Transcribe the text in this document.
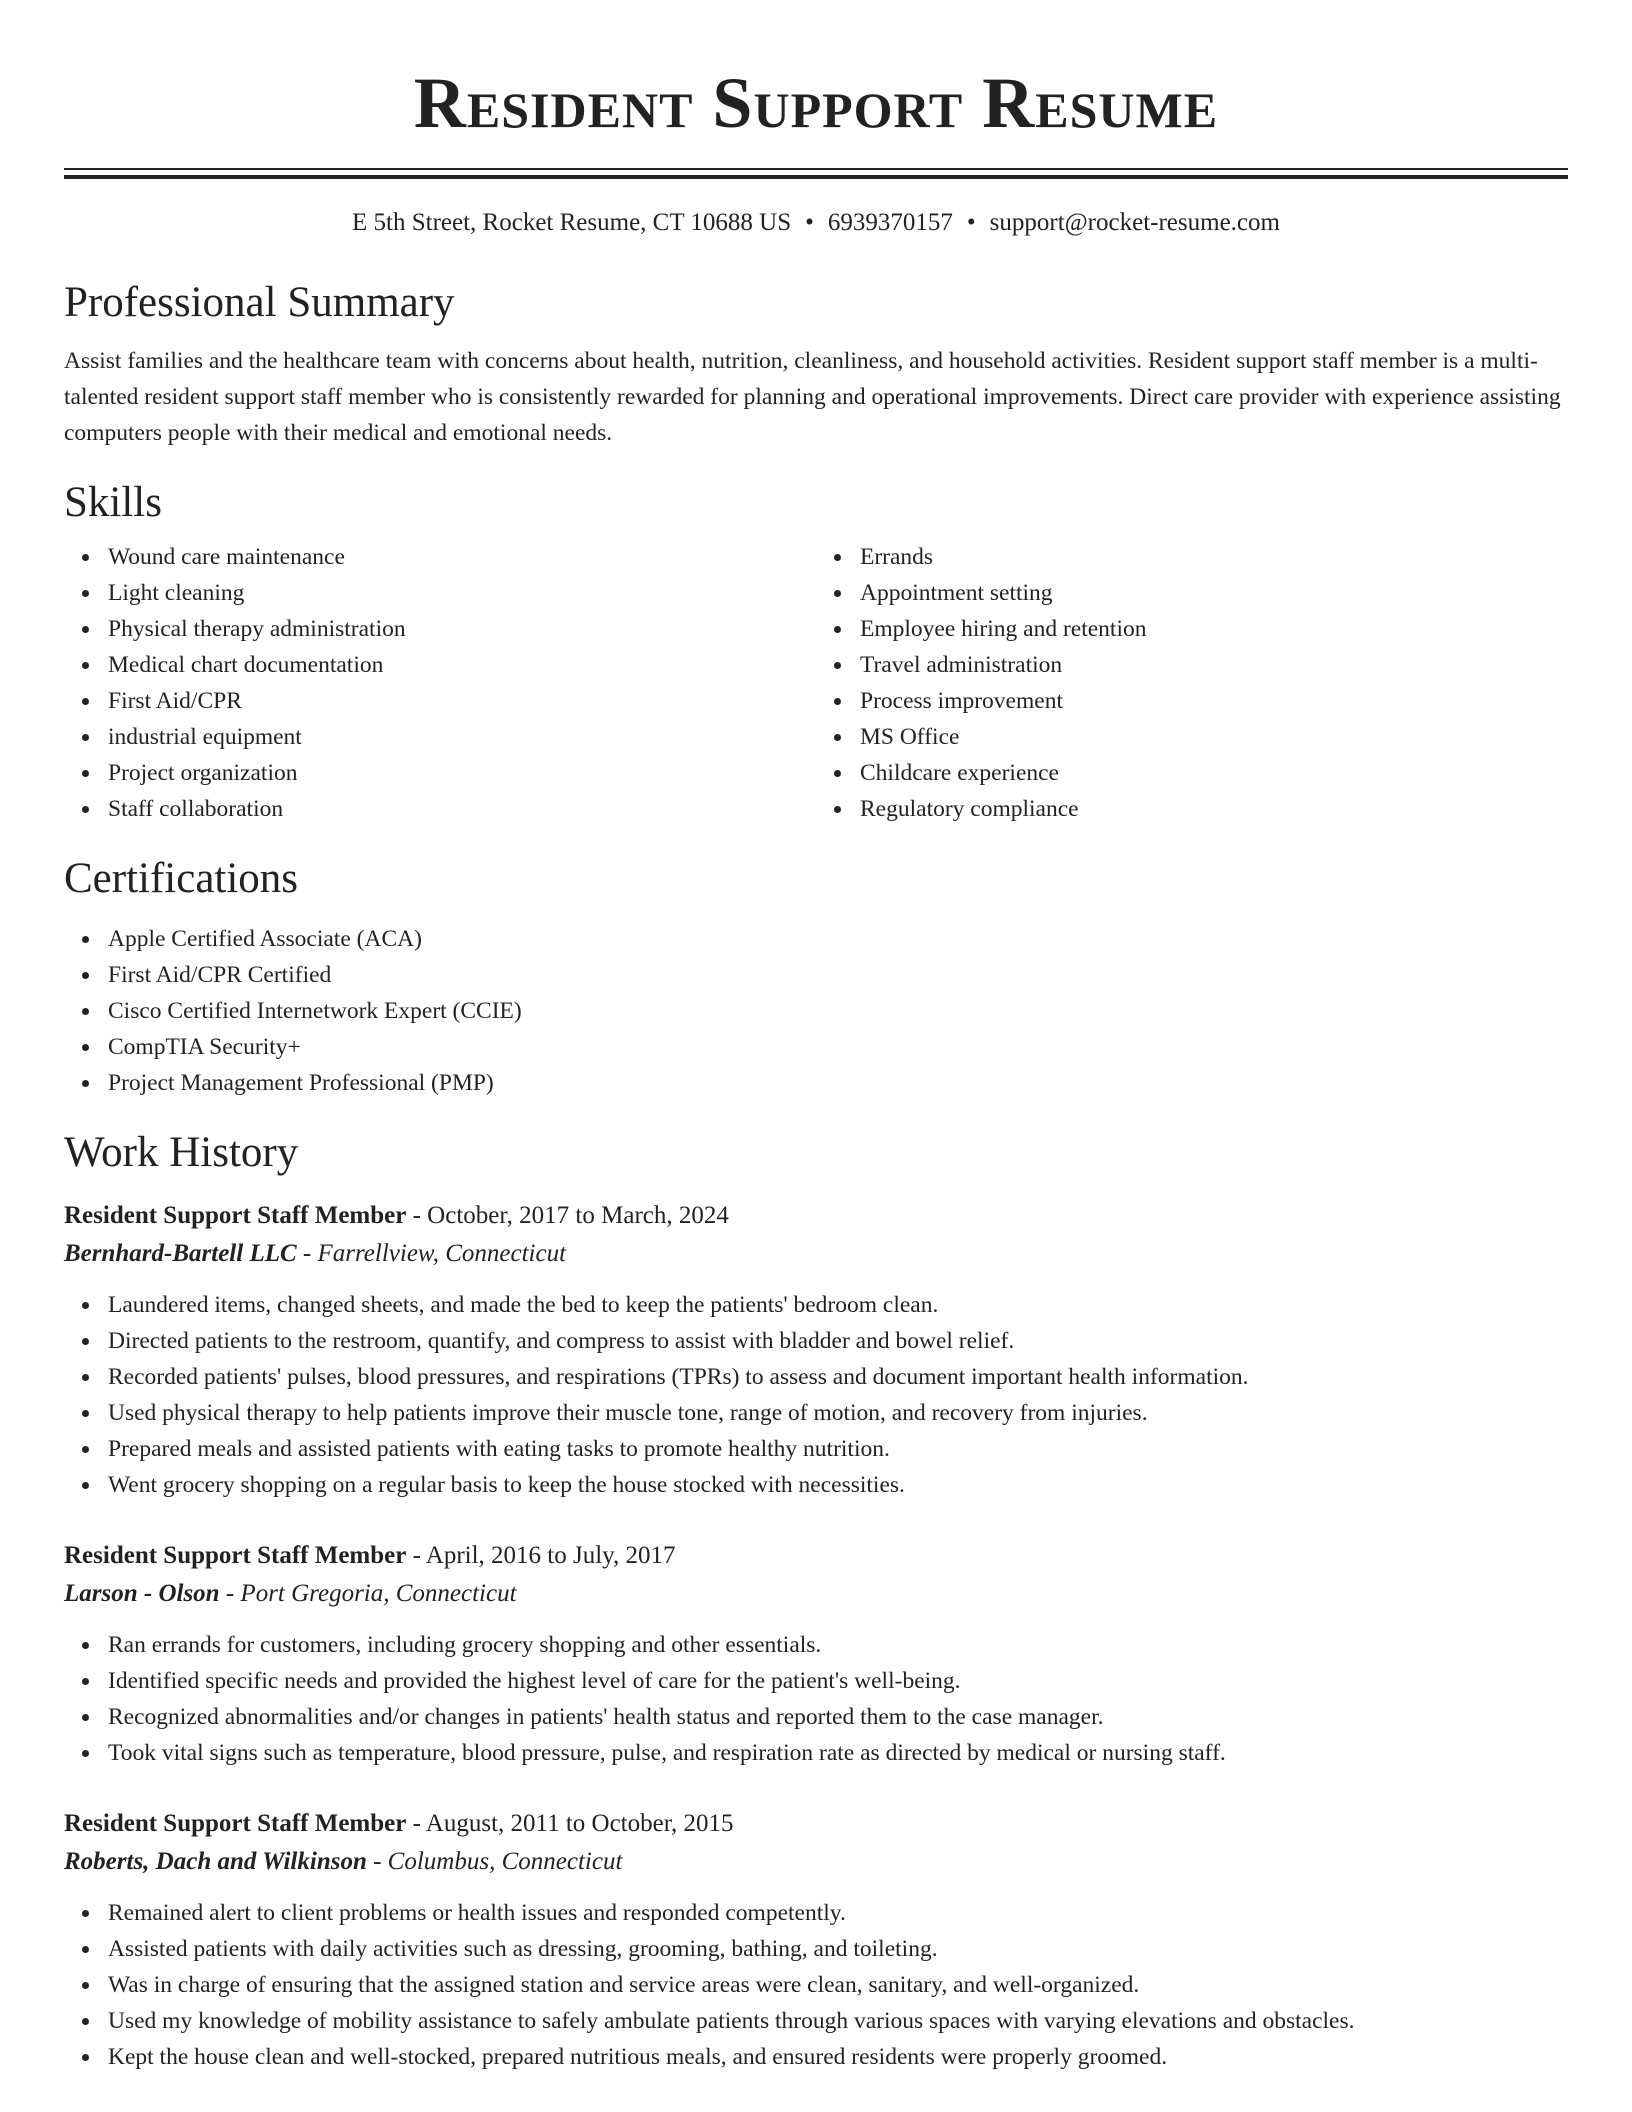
Resident Support Resume
E 5th Street, Rocket Resume, CT 10688 US • 6939370157 • support@rocket-resume.com
Professional Summary

Assist families and the healthcare team with concerns about health, nutrition, cleanliness, and household activities. Resident support staff member is a multi-talented resident support staff member who is consistently rewarded for planning and operational improvements. Direct care provider with experience assisting computers people with their medical and emotional needs.

Skills
Wound care maintenance
Light cleaning
Physical therapy administration
Medical chart documentation
First Aid/CPR
industrial equipment
Project organization
Staff collaboration
Errands
Appointment setting
Employee hiring and retention
Travel administration
Process improvement
MS Office
Childcare experience
Regulatory compliance
Certifications
Apple Certified Associate (ACA)
First Aid/CPR Certified
Cisco Certified Internetwork Expert (CCIE)
CompTIA Security+
Project Management Professional (PMP)
Work History
Resident Support Staff Member - October, 2017 to March, 2024
Bernhard-Bartell LLC - Farrellview, Connecticut
Laundered items, changed sheets, and made the bed to keep the patients' bedroom clean.
Directed patients to the restroom, quantify, and compress to assist with bladder and bowel relief.
Recorded patients' pulses, blood pressures, and respirations (TPRs) to assess and document important health information.
Used physical therapy to help patients improve their muscle tone, range of motion, and recovery from injuries.
Prepared meals and assisted patients with eating tasks to promote healthy nutrition.
Went grocery shopping on a regular basis to keep the house stocked with necessities.
Resident Support Staff Member - April, 2016 to July, 2017
Larson - Olson - Port Gregoria, Connecticut
Ran errands for customers, including grocery shopping and other essentials.
Identified specific needs and provided the highest level of care for the patient's well-being.
Recognized abnormalities and/or changes in patients' health status and reported them to the case manager.
Took vital signs such as temperature, blood pressure, pulse, and respiration rate as directed by medical or nursing staff.
Resident Support Staff Member - August, 2011 to October, 2015
Roberts, Dach and Wilkinson - Columbus, Connecticut
Remained alert to client problems or health issues and responded competently.
Assisted patients with daily activities such as dressing, grooming, bathing, and toileting.
Was in charge of ensuring that the assigned station and service areas were clean, sanitary, and well-organized.
Used my knowledge of mobility assistance to safely ambulate patients through various spaces with varying elevations and obstacles.
Kept the house clean and well-stocked, prepared nutritious meals, and ensured residents were properly groomed.
